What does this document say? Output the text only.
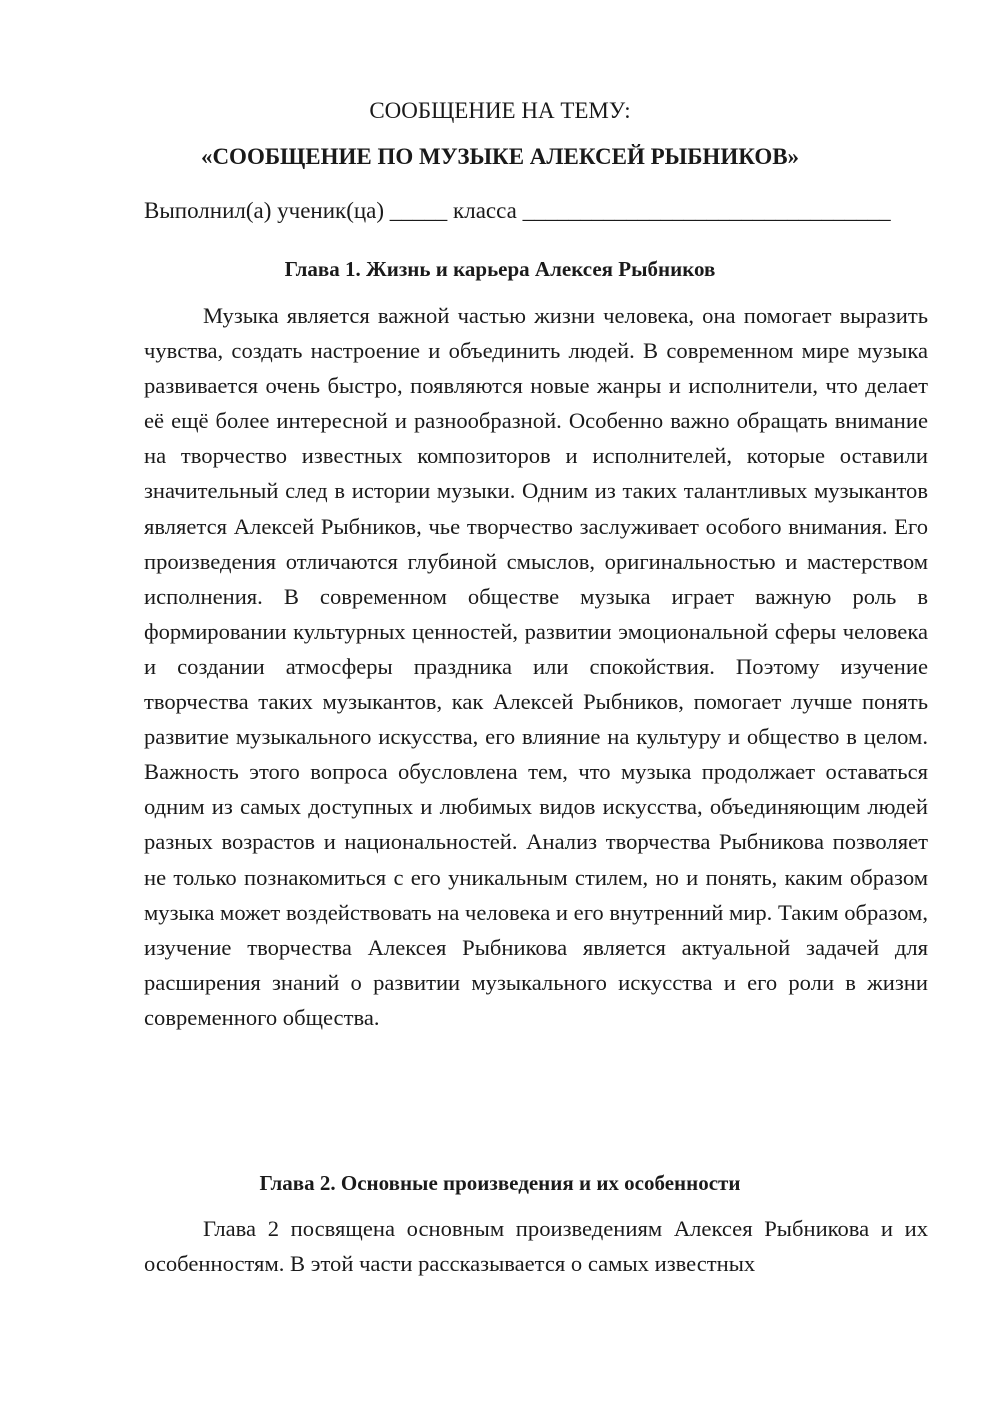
СООБЩЕНИЕ НА ТЕМУ:
«СООБЩЕНИЕ ПО МУЗЫКЕ АЛЕКСЕЙ РЫБНИКОВ»
Выполнил(а) ученик(ца) _____ класса ________________________________
Глава 1. Жизнь и карьера Алексея Рыбников

Музыка является важной частью жизни человека, она помогает выразить чувства, создать настроение и объединить людей. В современном мире музыка развивается очень быстро, появляются новые жанры и исполнители, что делает её ещё более интересной и разнообразной. Особенно важно обращать внимание на творчество известных композиторов и исполнителей, которые оставили значительный след в истории музыки. Одним из таких талантливых музыкантов является Алексей Рыбников, чье творчество заслуживает особого внимания. Его произведения отличаются глубиной смыслов, оригинальностью и мастерством исполнения. В современном обществе музыка играет важную роль в формировании культурных ценностей, развитии эмоциональной сферы человека и создании атмосферы праздника или спокойствия. Поэтому изучение творчества таких музыкантов, как Алексей Рыбников, помогает лучше понять развитие музыкального искусства, его влияние на культуру и общество в целом. Важность этого вопроса обусловлена тем, что музыка продолжает оставаться одним из самых доступных и любимых видов искусства, объединяющим людей разных возрастов и национальностей. Анализ творчества Рыбникова позволяет не только познакомиться с его уникальным стилем, но и понять, каким образом музыка может воздействовать на человека и его внутренний мир. Таким образом, изучение творчества Алексея Рыбникова является актуальной задачей для расширения знаний о развитии музыкального искусства и его роли в жизни современного общества.

Глава 2. Основные произведения и их особенности

Глава 2 посвящена основным произведениям Алексея Рыбникова и их особенностям. В этой части рассказывается о самых известных
